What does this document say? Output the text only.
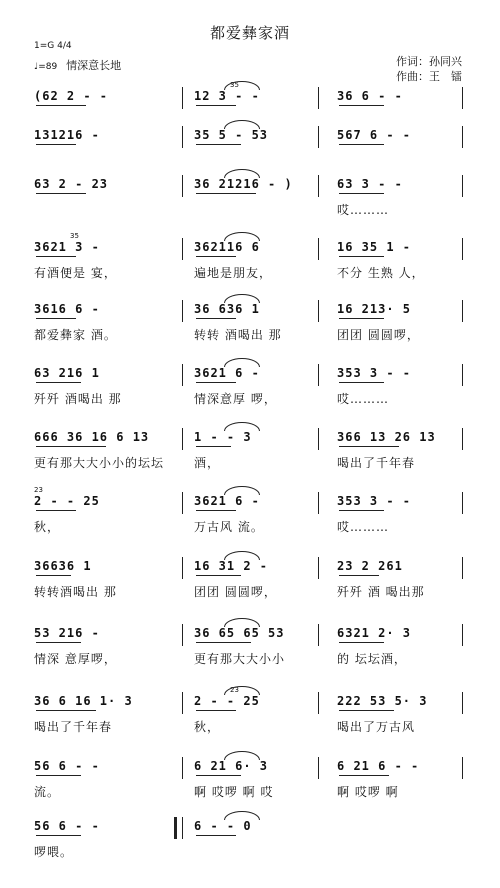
都爱彝家酒
1=G 4/4
♩=89 情深意长地	作词：孙同兴
作曲：王　镭
(62 2 - -	12 3 - -
35
36 6 - -
131216 -	35 5 - 53	567 6 - -
63 2 - 23	36 21216 - )	63 3 - -
哎………
3621 3 -
35
有酒便是 宴，
362116 6
遍地是朋友，
16 35 1 -
不分 生熟 人，
3616 6 -
都爱彝家 酒。
36 636 1
转转 酒喝出 那
16 213· 5
团团 圆圆啰，
63 216 1
歼歼 酒喝出 那
3621 6 -
情深意厚 啰，
353 3 - -
哎………
666 36 16 6 13
更有那大大小小的坛坛
1 - - 3
酒，
366 13 26 13
喝出了千年春
2 - - 25
23
秋，
3621 6 -
万古风 流。
353 3 - -
哎………
36636 1
转转酒喝出 那
16 31 2 -
团团 圆圆啰，
23 2 261
歼歼 酒 喝出那
53 216 -
情深 意厚啰，
36 65 65 53
更有那大大小小
6321 2· 3
的 坛坛酒，
36 6 16 1· 3
喝出了千年春
2 - - 25
23
秋，
222 53 5· 3
喝出了万古风
56 6 - -
流。
6 21 6· 3
啊 哎啰 啊 哎
6 21 6 - -
啊 哎啰 啊
56 6 - -
啰喂。
6 - - 0
